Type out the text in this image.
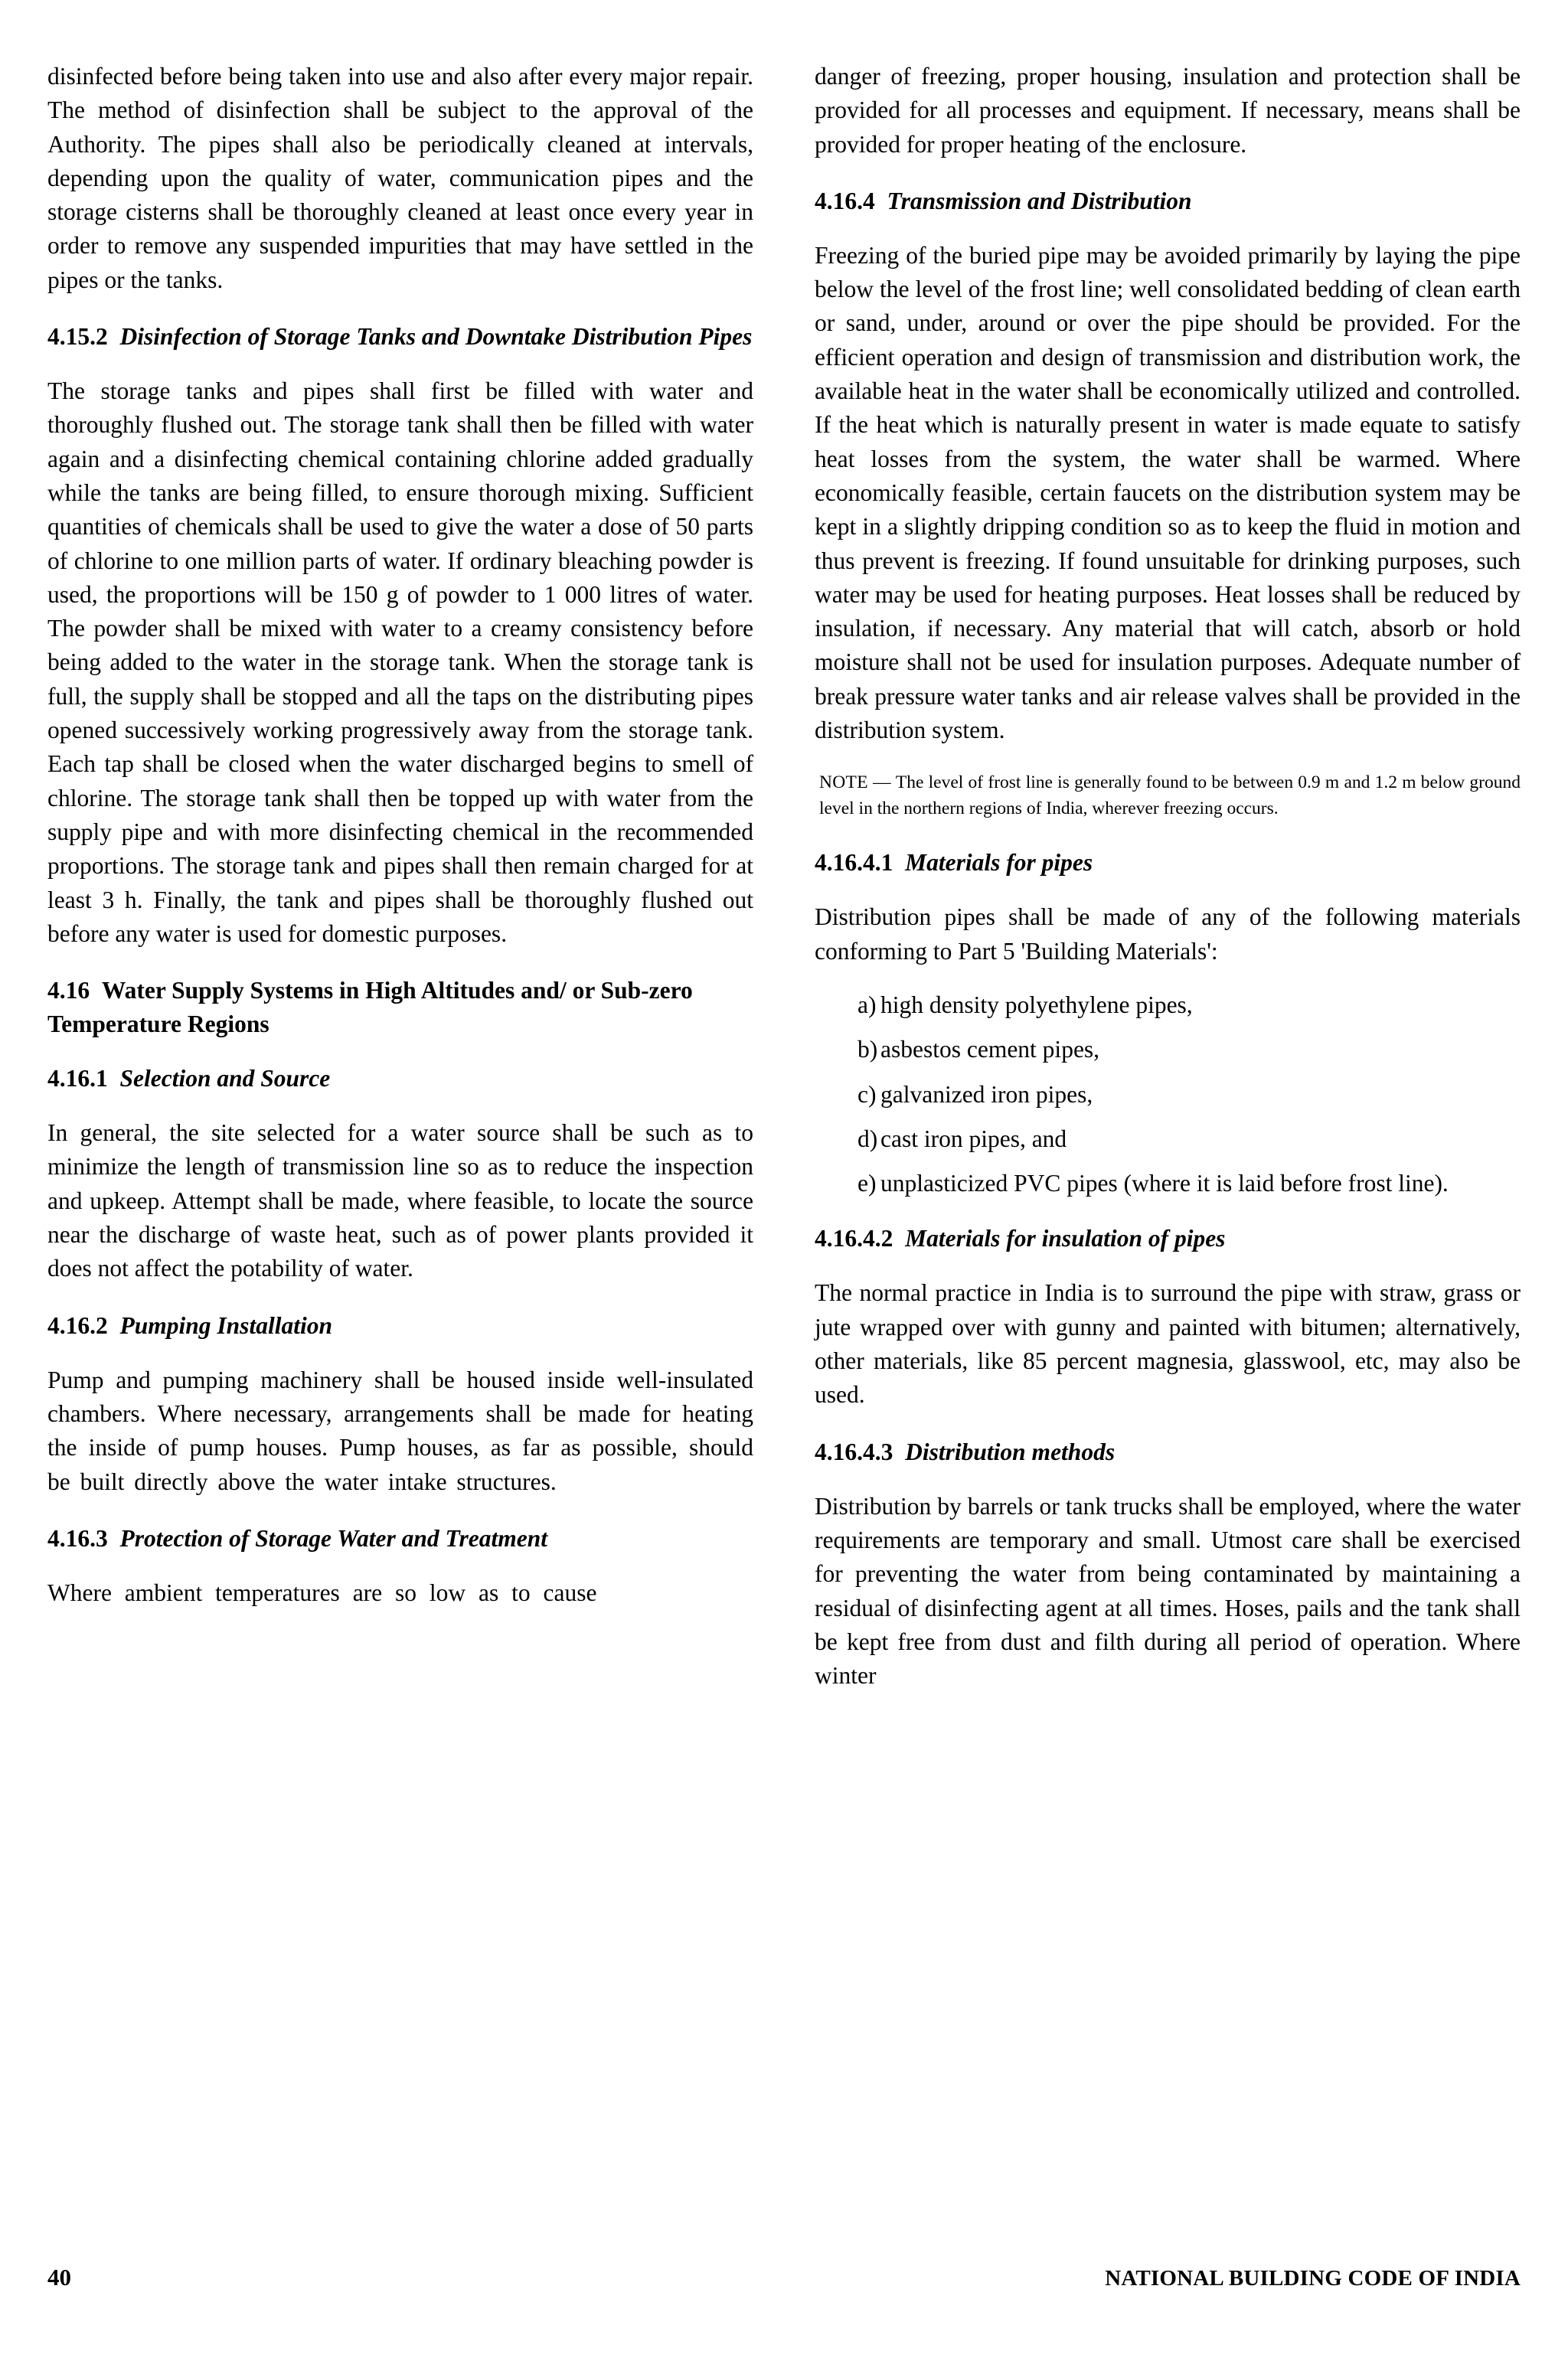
disinfected before being taken into use and also after every major repair. The method of disinfection shall be subject to the approval of the Authority. The pipes shall also be periodically cleaned at intervals, depending upon the quality of water, communication pipes and the storage cisterns shall be thoroughly cleaned at least once every year in order to remove any suspended impurities that may have settled in the pipes or the tanks.

4.15.2 Disinfection of Storage Tanks and Downtake Distribution Pipes

The storage tanks and pipes shall first be filled with water and thoroughly flushed out. The storage tank shall then be filled with water again and a disinfecting chemical containing chlorine added gradually while the tanks are being filled, to ensure thorough mixing. Sufficient quantities of chemicals shall be used to give the water a dose of 50 parts of chlorine to one million parts of water. If ordinary bleaching powder is used, the proportions will be 150 g of powder to 1 000 litres of water. The powder shall be mixed with water to a creamy consistency before being added to the water in the storage tank. When the storage tank is full, the supply shall be stopped and all the taps on the distributing pipes opened successively working progressively away from the storage tank. Each tap shall be closed when the water discharged begins to smell of chlorine. The storage tank shall then be topped up with water from the supply pipe and with more disinfecting chemical in the recommended proportions. The storage tank and pipes shall then remain charged for at least 3 h. Finally, the tank and pipes shall be thoroughly flushed out before any water is used for domestic purposes.

4.16 Water Supply Systems in High Altitudes and/ or Sub-zero Temperature Regions
4.16.1 Selection and Source

In general, the site selected for a water source shall be such as to minimize the length of transmission line so as to reduce the inspection and upkeep. Attempt shall be made, where feasible, to locate the source near the discharge of waste heat, such as of power plants provided it does not affect the potability of water.

4.16.2 Pumping Installation

Pump and pumping machinery shall be housed inside well-insulated chambers. Where necessary, arrangements shall be made for heating the inside of pump houses. Pump houses, as far as possible, should be built directly above the water intake structures.

4.16.3 Protection of Storage Water and Treatment

Where ambient temperatures are so low as to cause

danger of freezing, proper housing, insulation and protection shall be provided for all processes and equipment. If necessary, means shall be provided for proper heating of the enclosure.

4.16.4 Transmission and Distribution

Freezing of the buried pipe may be avoided primarily by laying the pipe below the level of the frost line; well consolidated bedding of clean earth or sand, under, around or over the pipe should be provided. For the efficient operation and design of transmission and distribution work, the available heat in the water shall be economically utilized and controlled. If the heat which is naturally present in water is made equate to satisfy heat losses from the system, the water shall be warmed. Where economically feasible, certain faucets on the distribution system may be kept in a slightly dripping condition so as to keep the fluid in motion and thus prevent is freezing. If found unsuitable for drinking purposes, such water may be used for heating purposes. Heat losses shall be reduced by insulation, if necessary. Any material that will catch, absorb or hold moisture shall not be used for insulation purposes. Adequate number of break pressure water tanks and air release valves shall be provided in the distribution system.

NOTE — The level of frost line is generally found to be between 0.9 m and 1.2 m below ground level in the northern regions of India, wherever freezing occurs.

4.16.4.1 Materials for pipes

Distribution pipes shall be made of any of the following materials conforming to Part 5 'Building Materials':

a) high density polyethylene pipes,
b) asbestos cement pipes,
c) galvanized iron pipes,
d) cast iron pipes, and
e) unplasticized PVC pipes (where it is laid before frost line).
4.16.4.2 Materials for insulation of pipes

The normal practice in India is to surround the pipe with straw, grass or jute wrapped over with gunny and painted with bitumen; alternatively, other materials, like 85 percent magnesia, glasswool, etc, may also be used.

4.16.4.3 Distribution methods

Distribution by barrels or tank trucks shall be employed, where the water requirements are temporary and small. Utmost care shall be exercised for preventing the water from being contaminated by maintaining a residual of disinfecting agent at all times. Hoses, pails and the tank shall be kept free from dust and filth during all period of operation. Where winter

40	NATIONAL BUILDING CODE OF INDIA
